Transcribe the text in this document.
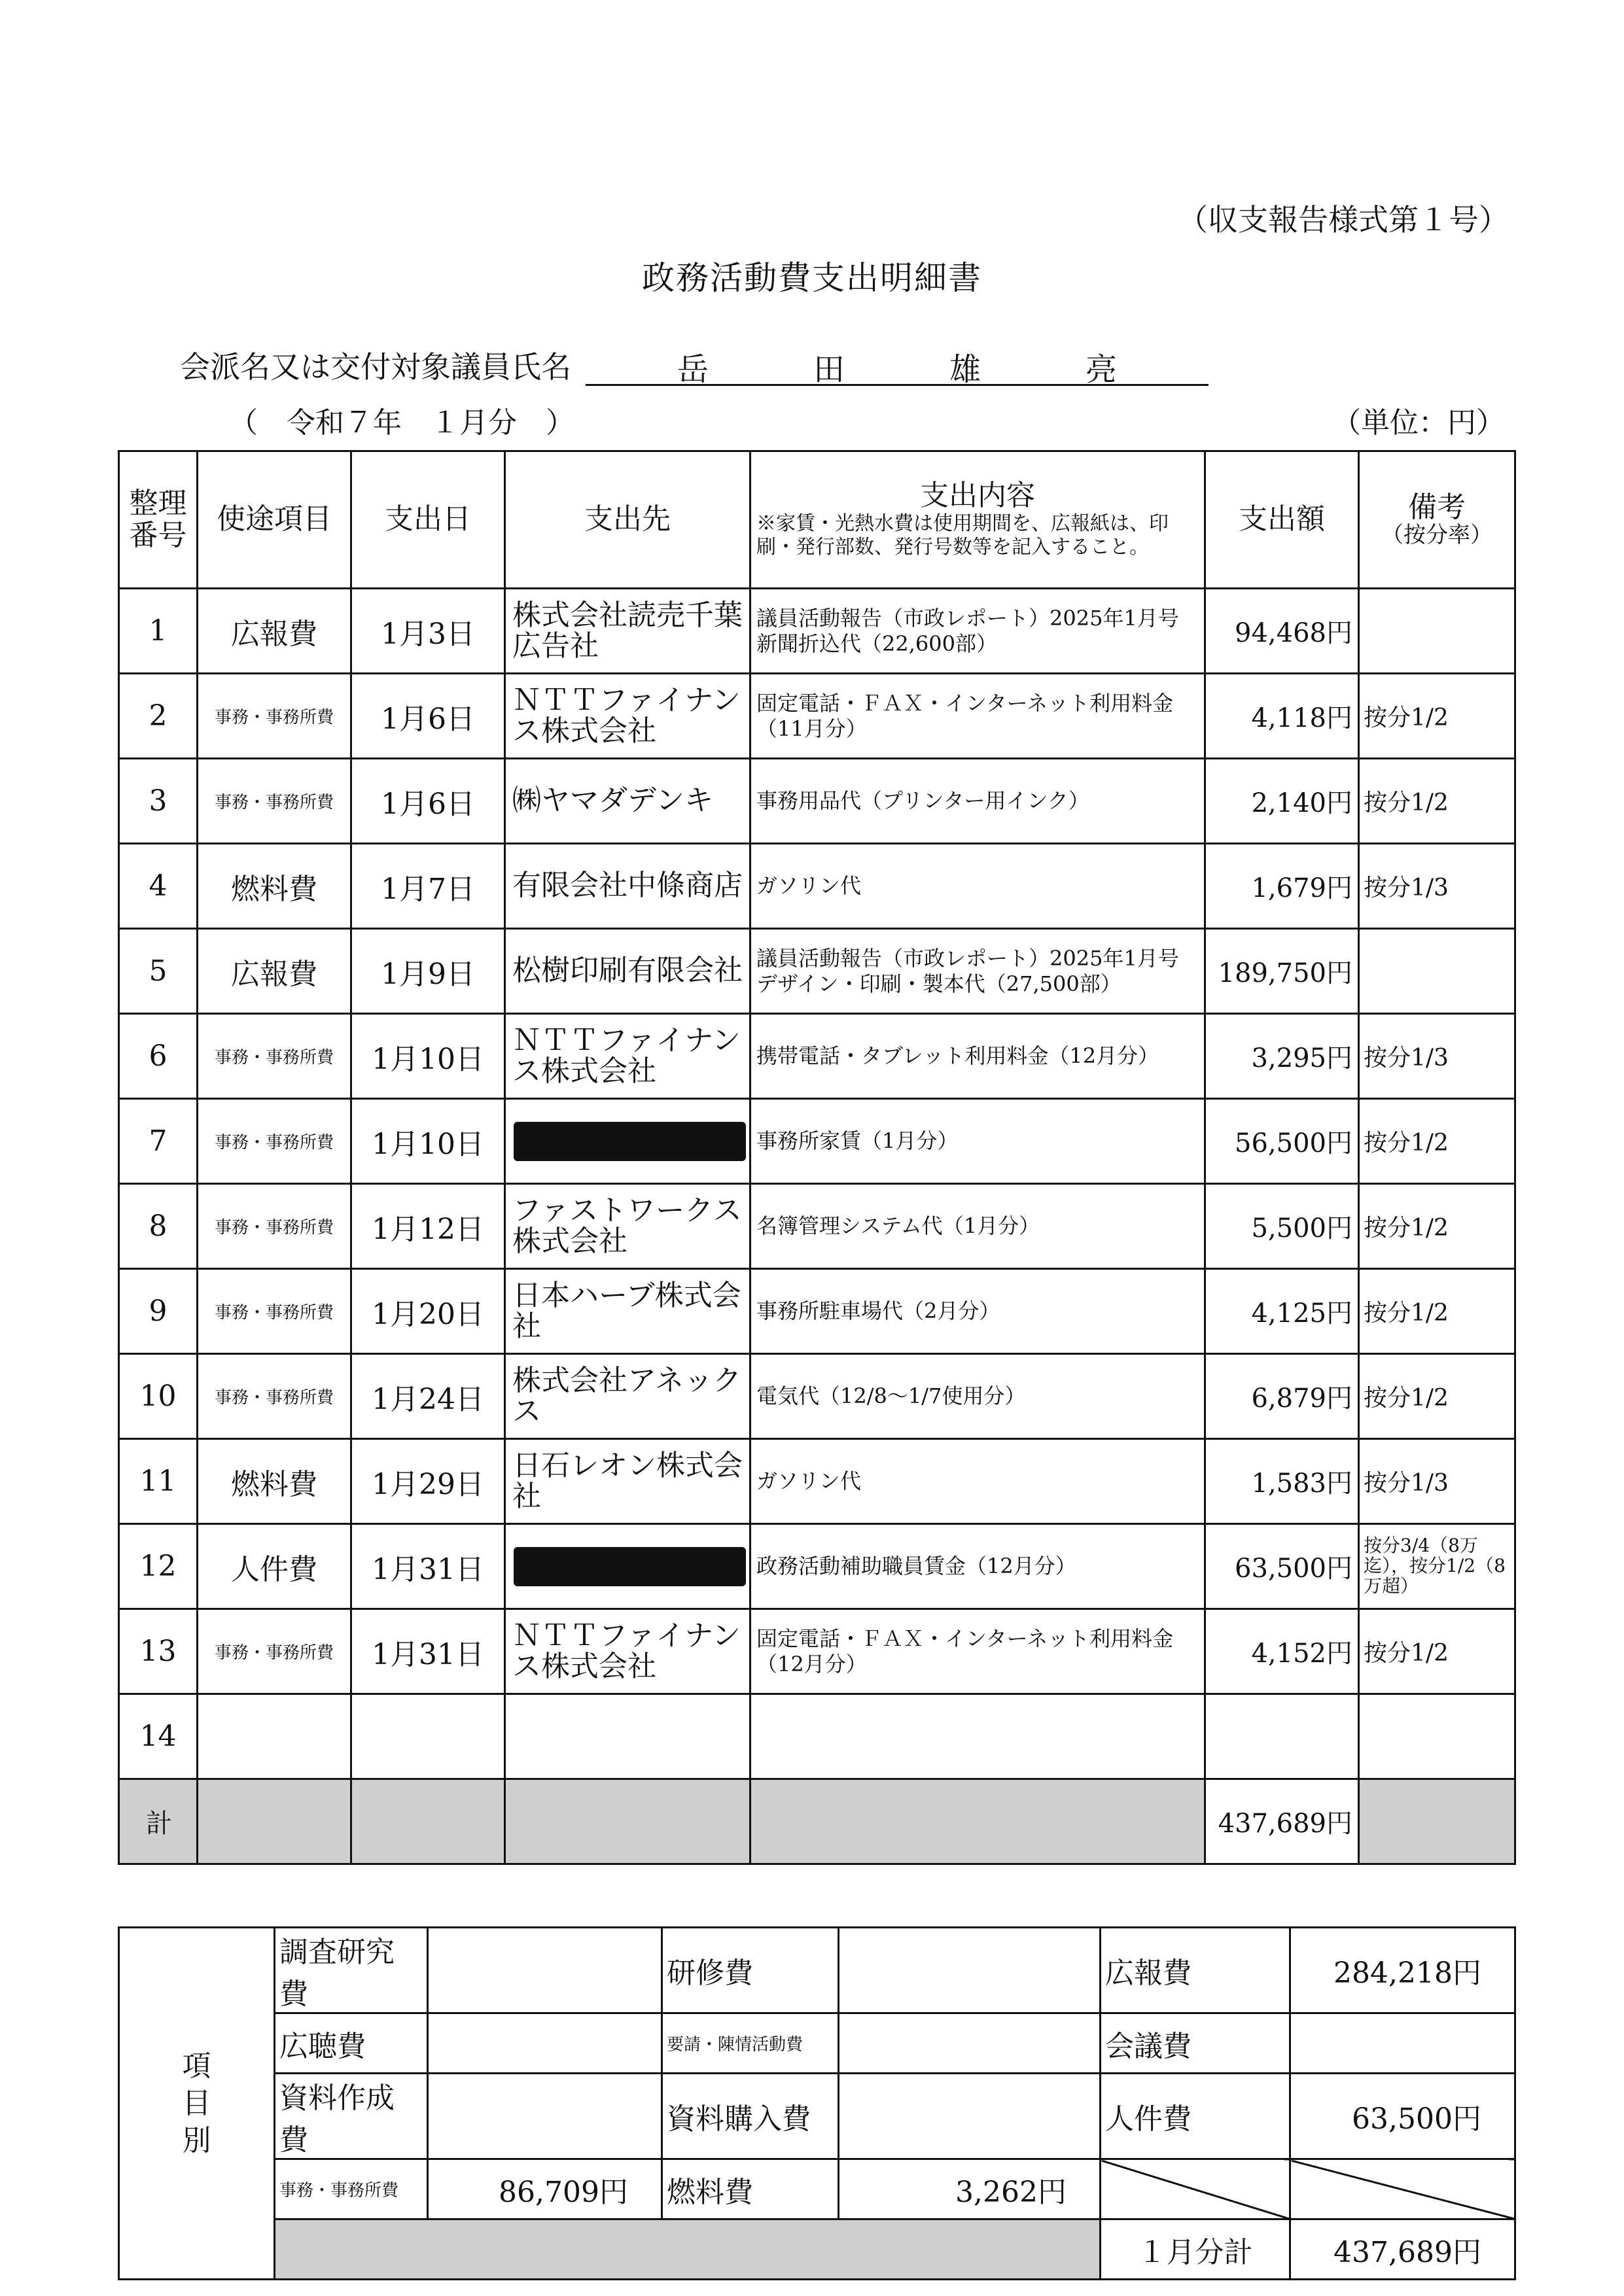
（収支報告様式第１号）
政務活動費支出明細書
会派名又は交付対象議員氏名	岳	田	雄	亮
（　令和７年　１月分　）	（単位：円）
整理番号	使途項目	支出日	支出先	支出内容
※家賃・光熱水費は使用期間を、広報紙は、印刷・発行部数、発行号数等を記入すること。	支出額	備考
（按分率）

1	広報費	1月3日	株式会社読売千葉広告社	議員活動報告（市政レポート）2025年1月号新聞折込代（22,600部）	94,468円	
2	事務・事務所費	1月6日	ＮＴＴファイナンス株式会社	固定電話・ＦＡＸ・インターネット利用料金（11月分）	4,118円	按分1/2
3	事務・事務所費	1月6日	㈱ヤマダデンキ	事務用品代（プリンター用インク）	2,140円	按分1/2
4	燃料費	1月7日	有限会社中條商店	ガソリン代	1,679円	按分1/3
5	広報費	1月9日	松樹印刷有限会社	議員活動報告（市政レポート）2025年1月号デザイン・印刷・製本代（27,500部）	189,750円	
6	事務・事務所費	1月10日	ＮＴＴファイナンス株式会社	携帯電話・タブレット利用料金（12月分）	3,295円	按分1/3
7	事務・事務所費	1月10日		事務所家賃（1月分）	56,500円	按分1/2
8	事務・事務所費	1月12日	ファストワークス株式会社	名簿管理システム代（1月分）	5,500円	按分1/2
9	事務・事務所費	1月20日	日本ハーブ株式会社	事務所駐車場代（2月分）	4,125円	按分1/2
10	事務・事務所費	1月24日	株式会社アネックス	電気代（12/8～1/7使用分）	6,879円	按分1/2
11	燃料費	1月29日	日石レオン株式会社	ガソリン代	1,583円	按分1/3
12	人件費	1月31日		政務活動補助職員賃金（12月分）	63,500円	按分3/4（8万迄），按分1/2（8万超）
13	事務・事務所費	1月31日	ＮＴＴファイナンス株式会社	固定電話・ＦＡＸ・インターネット利用料金（12月分）	4,152円	按分1/2
14						
計					437,689円	
項
目
別	調査研究費		研修費		広報費	284,218円
	広聴費		要請・陳情活動費		会議費	
	資料作成費		資料購入費		人件費	63,500円
	事務・事務所費	86,709円	燃料費	3,262円		
					１月分計	437,689円
